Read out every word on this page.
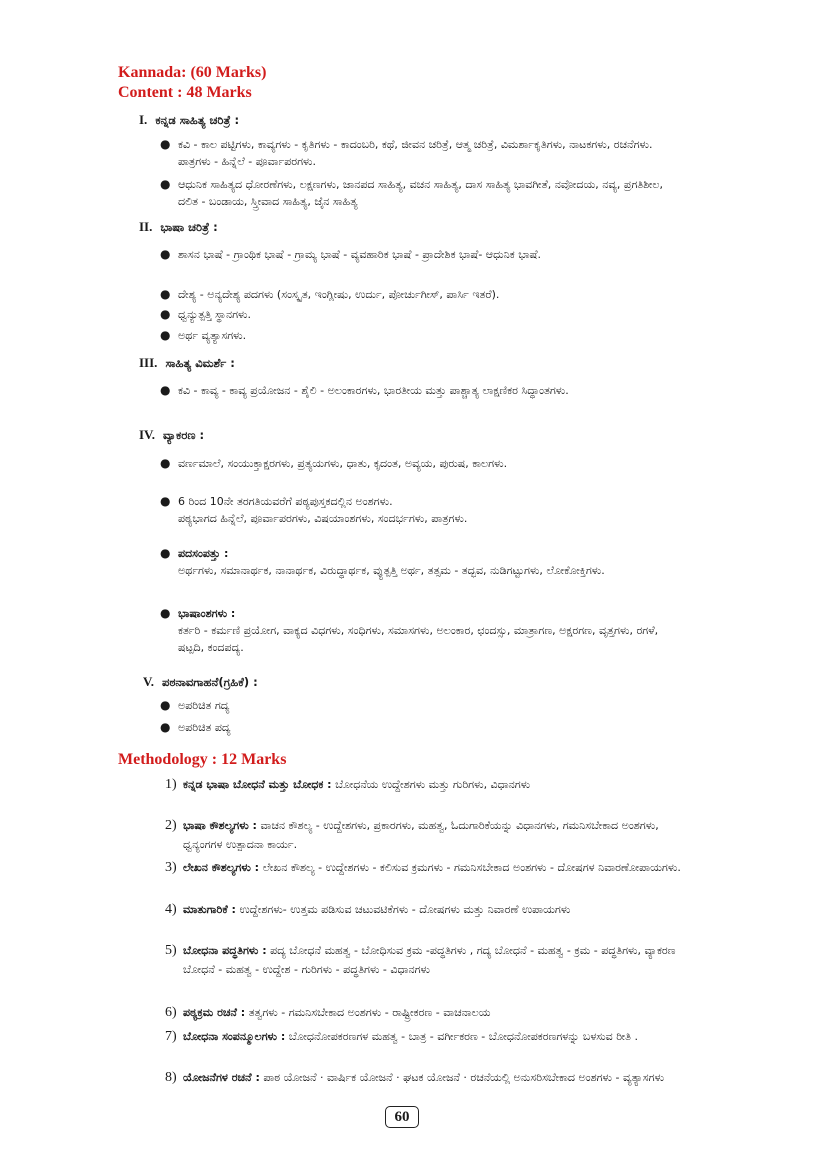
Kannada: (60 Marks)
Content : 48 Marks
I. ಕನ್ನಡ ಸಾಹಿತ್ಯ ಚರಿತ್ರೆ :
● ಕವಿ - ಕಾಲ ಪಟ್ಟಿಗಳು, ಕಾವ್ಯಗಳು - ಕೃತಿಗಳು - ಕಾದಂಬರಿ, ಕಥೆ, ಜೀವನ ಚರಿತ್ರೆ, ಆತ್ಮ ಚರಿತ್ರೆ, ವಿಮರ್ಶಾಕೃತಿಗಳು, ನಾಟಕಗಳು, ರಚನೆಗಳು. ಪಾತ್ರಗಳು - ಹಿನ್ನೆಲೆ - ಪೂರ್ವಾಪರಗಳು.
● ಆಧುನಿಕ ಸಾಹಿತ್ಯದ ಧೋರಣೆಗಳು, ಲಕ್ಷಣಗಳು, ಜಾನಪದ ಸಾಹಿತ್ಯ, ವಚನ ಸಾಹಿತ್ಯ, ದಾಸ ಸಾಹಿತ್ಯ ಭಾವಗೀತೆ, ನವೋದಯ, ನವ್ಯ, ಪ್ರಗತಿಶೀಲ, ದಲಿತ - ಬಂಡಾಯ, ಸ್ತ್ರೀವಾದ ಸಾಹಿತ್ಯ, ಜೈನ ಸಾಹಿತ್ಯ
II. ಭಾಷಾ ಚರಿತ್ರೆ :
● ಶಾಸನ ಭಾಷೆ - ಗ್ರಾಂಥಿಕ ಭಾಷೆ - ಗ್ರಾಮ್ಯ ಭಾಷೆ - ವ್ಯವಹಾರಿಕ ಭಾಷೆ - ಪ್ರಾದೇಶಿಕ ಭಾಷೆ- ಆಧುನಿಕ ಭಾಷೆ.
● ದೇಶ್ಯ - ಅನ್ಯದೇಶ್ಯ ಪದಗಳು (ಸಂಸ್ಕೃತ, ಇಂಗ್ಲೀಷು, ಉರ್ದು, ಪೋರ್ಚುಗೀಸ್, ಪಾರ್ಸಿ ಇತರೆ).
● ಧ್ವನ್ಯುತ್ಪತ್ತಿ ಸ್ಥಾನಗಳು.
● ಅರ್ಥ ವ್ಯತ್ಯಾಸಗಳು.
III. ಸಾಹಿತ್ಯ ವಿಮರ್ಶೆ :
● ಕವಿ - ಕಾವ್ಯ - ಕಾವ್ಯ ಪ್ರಯೋಜನ - ಶೈಲಿ - ಅಲಂಕಾರಗಳು, ಭಾರತೀಯ ಮತ್ತು ಪಾಶ್ಚಾತ್ಯ ಲಾಕ್ಷಣಿಕರ ಸಿದ್ಧಾಂತಗಳು.
IV. ವ್ಯಾಕರಣ :
● ವರ್ಣಮಾಲೆ, ಸಂಯುಕ್ತಾಕ್ಷರಗಳು, ಪ್ರತ್ಯಯಗಳು, ಧಾತು, ಕೃದಂತ, ಅವ್ಯಯ, ಪುರುಷ, ಕಾಲಗಳು.
● 6 ರಿಂದ 10ನೇ ತರಗತಿಯವರೆಗೆ ಪಠ್ಯಪುಸ್ತಕದಲ್ಲಿನ ಅಂಶಗಳು.
ಪಠ್ಯಭಾಗದ ಹಿನ್ನೆಲೆ, ಪೂರ್ವಾಪರಗಳು, ವಿಷಯಾಂಶಗಳು, ಸಂದರ್ಭಗಳು, ಪಾತ್ರಗಳು.
● ಪದಸಂಪತ್ತು :
ಅರ್ಥಗಳು, ಸಮಾನಾರ್ಥಕ, ನಾನಾರ್ಥಕ, ವಿರುದ್ಧಾರ್ಥಕ, ವ್ಯುತ್ಪತ್ತಿ ಅರ್ಥ, ತತ್ಸಮ - ತದ್ಭವ, ನುಡಿಗಟ್ಟುಗಳು, ಲೋಕೋಕ್ತಿಗಳು.
● ಭಾಷಾಂಶಗಳು :
ಕರ್ತರಿ - ಕರ್ಮಣಿ ಪ್ರಯೋಗ, ವಾಕ್ಯದ ವಿಧಗಳು, ಸಂಧಿಗಳು, ಸಮಾಸಗಳು, ಅಲಂಕಾರ, ಛಂದಸ್ಸು, ಮಾತ್ರಾಗಣ, ಅಕ್ಷರಗಣ, ವೃತ್ತಗಳು, ರಗಳೆ, ಷಟ್ಪದಿ, ಕಂದಪದ್ಯ.
V. ಪಠನಾವಗಾಹನೆ(ಗ್ರಹಿಕೆ) :
● ಅಪರಿಚಿತ ಗದ್ಯ
● ಅಪರಿಚಿತ ಪದ್ಯ
Methodology : 12 Marks
1) ಕನ್ನಡ ಭಾಷಾ ಬೋಧನೆ ಮತ್ತು ಬೋಧಕ : ಬೋಧನೆಯ ಉದ್ದೇಶಗಳು ಮತ್ತು ಗುರಿಗಳು, ವಿಧಾನಗಳು
2) ಭಾಷಾ ಕೌಶಲ್ಯಗಳು : ವಾಚನ ಕೌಶಲ್ಯ - ಉದ್ದೇಶಗಳು, ಪ್ರಕಾರಗಳು, ಮಹತ್ವ, ಓದುಗಾರಿಕೆಯನ್ನು ವಿಧಾನಗಳು, ಗಮನಿಸಬೇಕಾದ ಅಂಶಗಳು, ಧ್ವನ್ಯಂಗಗಳ ಉತ್ಪಾದನಾ ಕಾರ್ಯ.
3) ಲೇಖನ ಕೌಶಲ್ಯಗಳು : ಲೇಖನ ಕೌಶಲ್ಯ - ಉದ್ದೇಶಗಳು - ಕಲಿಸುವ ಕ್ರಮಗಳು - ಗಮನಿಸಬೇಕಾದ ಅಂಶಗಳು - ದೋಷಗಳ ನಿವಾರಣೋಪಾಯಗಳು.
4) ಮಾತುಗಾರಿಕೆ : ಉದ್ದೇಶಗಳು- ಉತ್ತಮ ಪಡಿಸುವ ಚಟುವಟಿಕೆಗಳು - ದೋಷಗಳು ಮತ್ತು ನಿವಾರಣೆ ಉಪಾಯಗಳು
5) ಬೋಧನಾ ಪದ್ಧತಿಗಳು : ಪದ್ಯ ಬೋಧನೆ ಮಹತ್ವ - ಬೋಧಿಸುವ ಕ್ರಮ -ಪದ್ಧತಿಗಳು , ಗದ್ಯ ಬೋಧನೆ - ಮಹತ್ವ - ಕ್ರಮ - ಪದ್ಧತಿಗಳು, ವ್ಯಾಕರಣ ಬೋಧನೆ - ಮಹತ್ವ - ಉದ್ದೇಶ - ಗುರಿಗಳು - ಪದ್ಧತಿಗಳು - ವಿಧಾನಗಳು
6) ಪಠ್ಯಕ್ರಮ ರಚನೆ : ತತ್ವಗಳು - ಗಮನಿಸಬೇಕಾದ ಅಂಶಗಳು - ರಾಷ್ಟ್ರೀಕರಣ - ವಾಚನಾಲಯ
7) ಬೋಧನಾ ಸಂಪನ್ಮೂಲಗಳು : ಬೋಧನೋಪಕರಣಗಳ ಮಹತ್ವ - ಬಾತ್ರ - ವರ್ಗೀಕರಣ - ಬೋಧನೋಪಕರಣಗಳನ್ನು ಬಳಸುವ ರೀತಿ .
8) ಯೋಜನೆಗಳ ರಚನೆ : ಪಾಠ ಯೋಜನೆ · ವಾರ್ಷಿಕ ಯೋಜನೆ · ಘಟಕ ಯೋಜನೆ · ರಚನೆಯಲ್ಲಿ ಅನುಸರಿಸಬೇಕಾದ ಅಂಶಗಳು - ವ್ಯತ್ಯಾಸಗಳು
60
